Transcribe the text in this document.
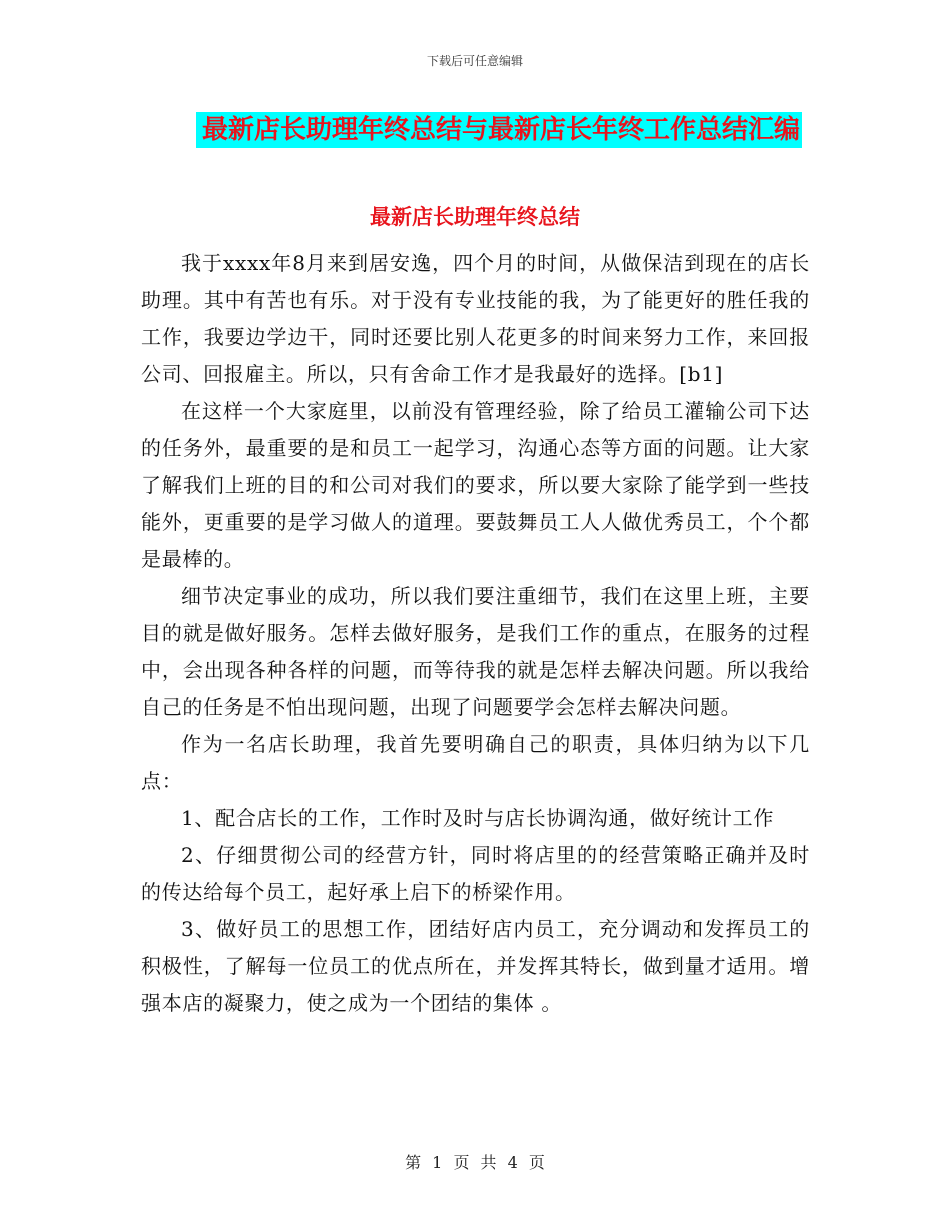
下载后可任意编辑
最新店长助理年终总结与最新店长年终工作总结汇编
最新店长助理年终总结

我于xxxx年8月来到居安逸，四个月的时间，从做保洁到现在的店长助理。其中有苦也有乐。对于没有专业技能的我，为了能更好的胜任我的工作，我要边学边干，同时还要比别人花更多的时间来努力工作，来回报公司、回报雇主。所以，只有舍命工作才是我最好的选择。[b1]

在这样一个大家庭里，以前没有管理经验，除了给员工灌输公司下达的任务外，最重要的是和员工一起学习，沟通心态等方面的问题。让大家了解我们上班的目的和公司对我们的要求，所以要大家除了能学到一些技能外，更重要的是学习做人的道理。要鼓舞员工人人做优秀员工，个个都是最棒的。

细节决定事业的成功，所以我们要注重细节，我们在这里上班，主要目的就是做好服务。怎样去做好服务，是我们工作的重点，在服务的过程中，会出现各种各样的问题，而等待我的就是怎样去解决问题。所以我给自己的任务是不怕出现问题，出现了问题要学会怎样去解决问题。

作为一名店长助理，我首先要明确自己的职责，具体归纳为以下几点：

1、配合店长的工作，工作时及时与店长协调沟通，做好统计工作

2、仔细贯彻公司的经营方针，同时将店里的的经营策略正确并及时的传达给每个员工，起好承上启下的桥梁作用。

3、做好员工的思想工作，团结好店内员工，充分调动和发挥员工的积极性，了解每一位员工的优点所在，并发挥其特长，做到量才适用。增强本店的凝聚力，使之成为一个团结的集体 。

第 1 页 共 4 页
